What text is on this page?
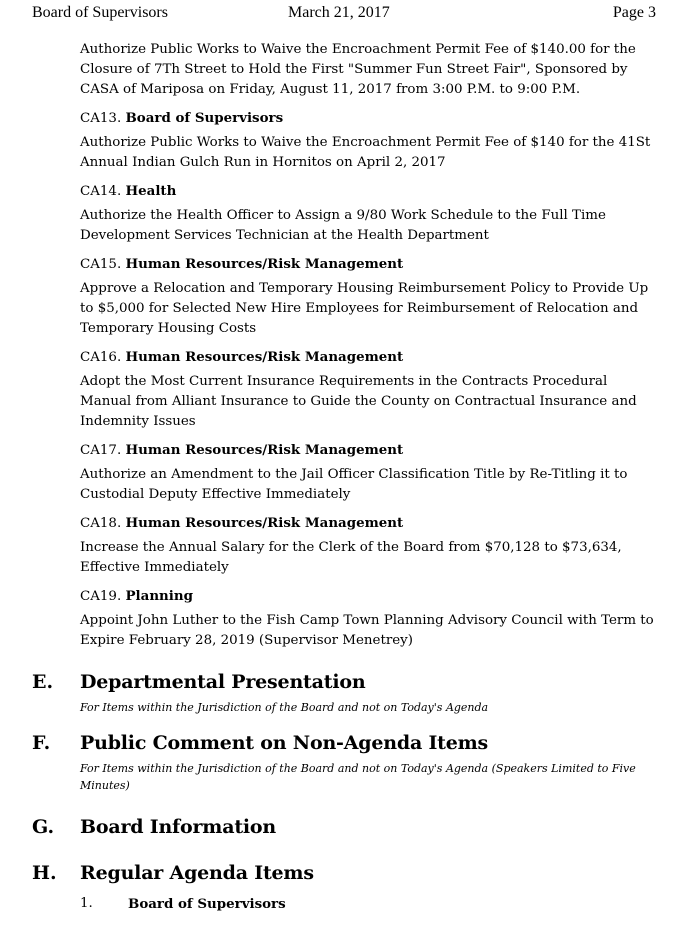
Board of Supervisors	March 21, 2017	Page 3
Authorize Public Works to Waive the Encroachment Permit Fee of $140.00 for the Closure of 7Th Street to Hold the First "Summer Fun Street Fair", Sponsored by CASA of Mariposa on Friday, August 11, 2017 from 3:00 P.M. to 9:00 P.M.
CA13. Board of Supervisors
Authorize Public Works to Waive the Encroachment Permit Fee of $140 for the 41St Annual Indian Gulch Run in Hornitos on April 2, 2017
CA14. Health
Authorize the Health Officer to Assign a 9/80 Work Schedule to the Full Time Development Services Technician at the Health Department
CA15. Human Resources/Risk Management
Approve a Relocation and Temporary Housing Reimbursement Policy to Provide Up to $5,000 for Selected New Hire Employees for Reimbursement of Relocation and Temporary Housing Costs
CA16. Human Resources/Risk Management
Adopt the Most Current Insurance Requirements in the Contracts Procedural Manual from Alliant Insurance to Guide the County on Contractual Insurance and Indemnity Issues
CA17. Human Resources/Risk Management
Authorize an Amendment to the Jail Officer Classification Title by Re-Titling it to Custodial Deputy Effective Immediately
CA18. Human Resources/Risk Management
Increase the Annual Salary for the Clerk of the Board from $70,128 to $73,634, Effective Immediately
CA19. Planning
Appoint John Luther to the Fish Camp Town Planning Advisory Council with Term to Expire February 28, 2019 (Supervisor Menetrey)
E. Departmental Presentation
For Items within the Jurisdiction of the Board and not on Today's Agenda
F. Public Comment on Non-Agenda Items
For Items within the Jurisdiction of the Board and not on Today's Agenda (Speakers Limited to Five Minutes)
G. Board Information
H. Regular Agenda Items
1.	Board of Supervisors
